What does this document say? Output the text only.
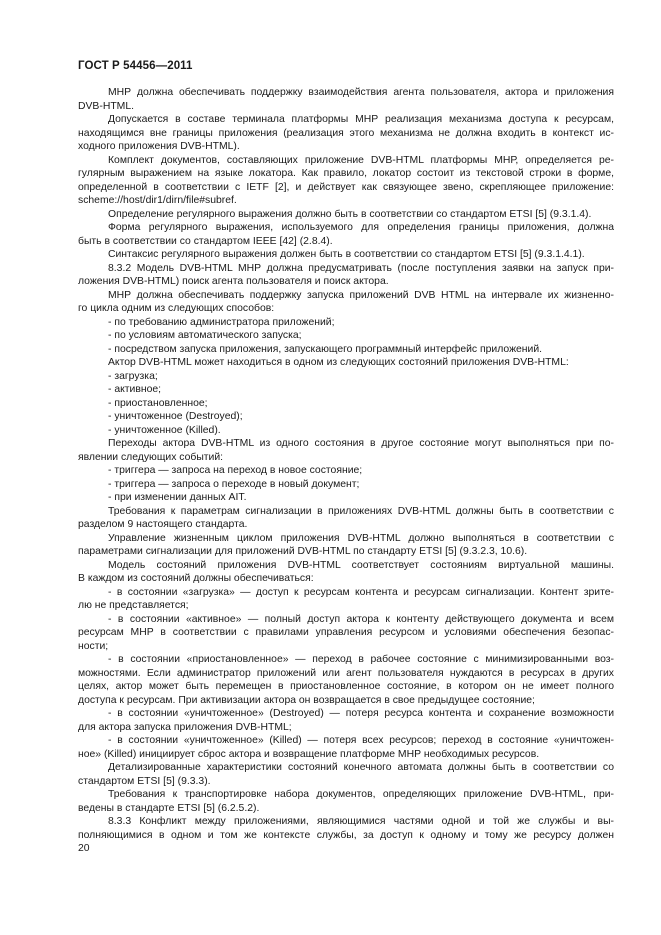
ГОСТ Р 54456—2011
МНР должна обеспечивать поддержку взаимодействия агента пользователя, актора и приложения
DVB-HTML.
Допускается в составе терминала платформы МНР реализация механизма доступа к ресурсам,
находящимся вне границы приложения (реализация этого механизма не должна входить в контекст ис-
ходного приложения DVB-HTML).
Комплект документов, составляющих приложение DVB-HTML платформы МНР, определяется ре-
гулярным выражением на языке локатора. Как правило, локатор состоит из текстовой строки в форме,
определенной в соответствии с IETF [2], и действует как связующее звено, скрепляющее приложение:
scheme://host/dir1/dirn/file#subref.
Определение регулярного выражения должно быть в соответствии со стандартом ETSI [5] (9.3.1.4).
Форма регулярного выражения, используемого для определения границы приложения, должна
быть в соответствии со стандартом IEEE [42] (2.8.4).
Синтаксис регулярного выражения должен быть в соответствии со стандартом ETSI [5] (9.3.1.4.1).
8.3.2 Модель DVB-HTML МНР должна предусматривать (после поступления заявки на запуск при-
ложения DVB-HTML) поиск агента пользователя и поиск актора.
МНР должна обеспечивать поддержку запуска приложений DVB HTML на интервале их жизненно-
го цикла одним из следующих способов:
- по требованию администратора приложений;
- по условиям автоматического запуска;
- посредством запуска приложения, запускающего программный интерфейс приложений.
Актор DVB-HTML может находиться в одном из следующих состояний приложения DVB-HTML:
- загрузка;
- активное;
- приостановленное;
- уничтоженное (Destroyed);
- уничтоженное (Killed).
Переходы актора DVB-HTML из одного состояния в другое состояние могут выполняться при по-
явлении следующих событий:
- триггера — запроса на переход в новое состояние;
- триггера — запроса о переходе в новый документ;
- при изменении данных AIT.
Требования к параметрам сигнализации в приложениях DVB-HTML должны быть в соответствии с
разделом 9 настоящего стандарта.
Управление жизненным циклом приложения DVB-HTML должно выполняться в соответствии с
параметрами сигнализации для приложений DVB-HTML по стандарту ETSI [5] (9.3.2.3, 10.6).
Модель состояний приложения DVB-HTML соответствует состояниям виртуальной машины.
В каждом из состояний должны обеспечиваться:
- в состоянии «загрузка» — доступ к ресурсам контента и ресурсам сигнализации. Контент зрите-
лю не представляется;
- в состоянии «активное» — полный доступ актора к контенту действующего документа и всем
ресурсам МНР в соответствии с правилами управления ресурсом и условиями обеспечения безопас-
ности;
- в состоянии «приостановленное» — переход в рабочее состояние с минимизированными воз-
можностями. Если администратор приложений или агент пользователя нуждаются в ресурсах в других
целях, актор может быть перемещен в приостановленное состояние, в котором он не имеет полного
доступа к ресурсам. При активизации актора он возвращается в свое предыдущее состояние;
- в состоянии «уничтоженное» (Destroyed) — потеря ресурса контента и сохранение возможности
для актора запуска приложения DVB-HTML;
- в состоянии «уничтоженное» (Killed) — потеря всех ресурсов; переход в состояние «уничтожен-
ное» (Killed) инициирует сброс актора и возвращение платформе МНР необходимых ресурсов.
Детализированные характеристики состояний конечного автомата должны быть в соответствии со
стандартом ETSI [5] (9.3.3).
Требования к транспортировке набора документов, определяющих приложение DVB-HTML, при-
ведены в стандарте ETSI [5] (6.2.5.2).
8.3.3 Конфликт между приложениями, являющимися частями одной и той же службы и вы-
полняющимися в одном и том же контексте службы, за доступ к одному и тому же ресурсу должен
20
